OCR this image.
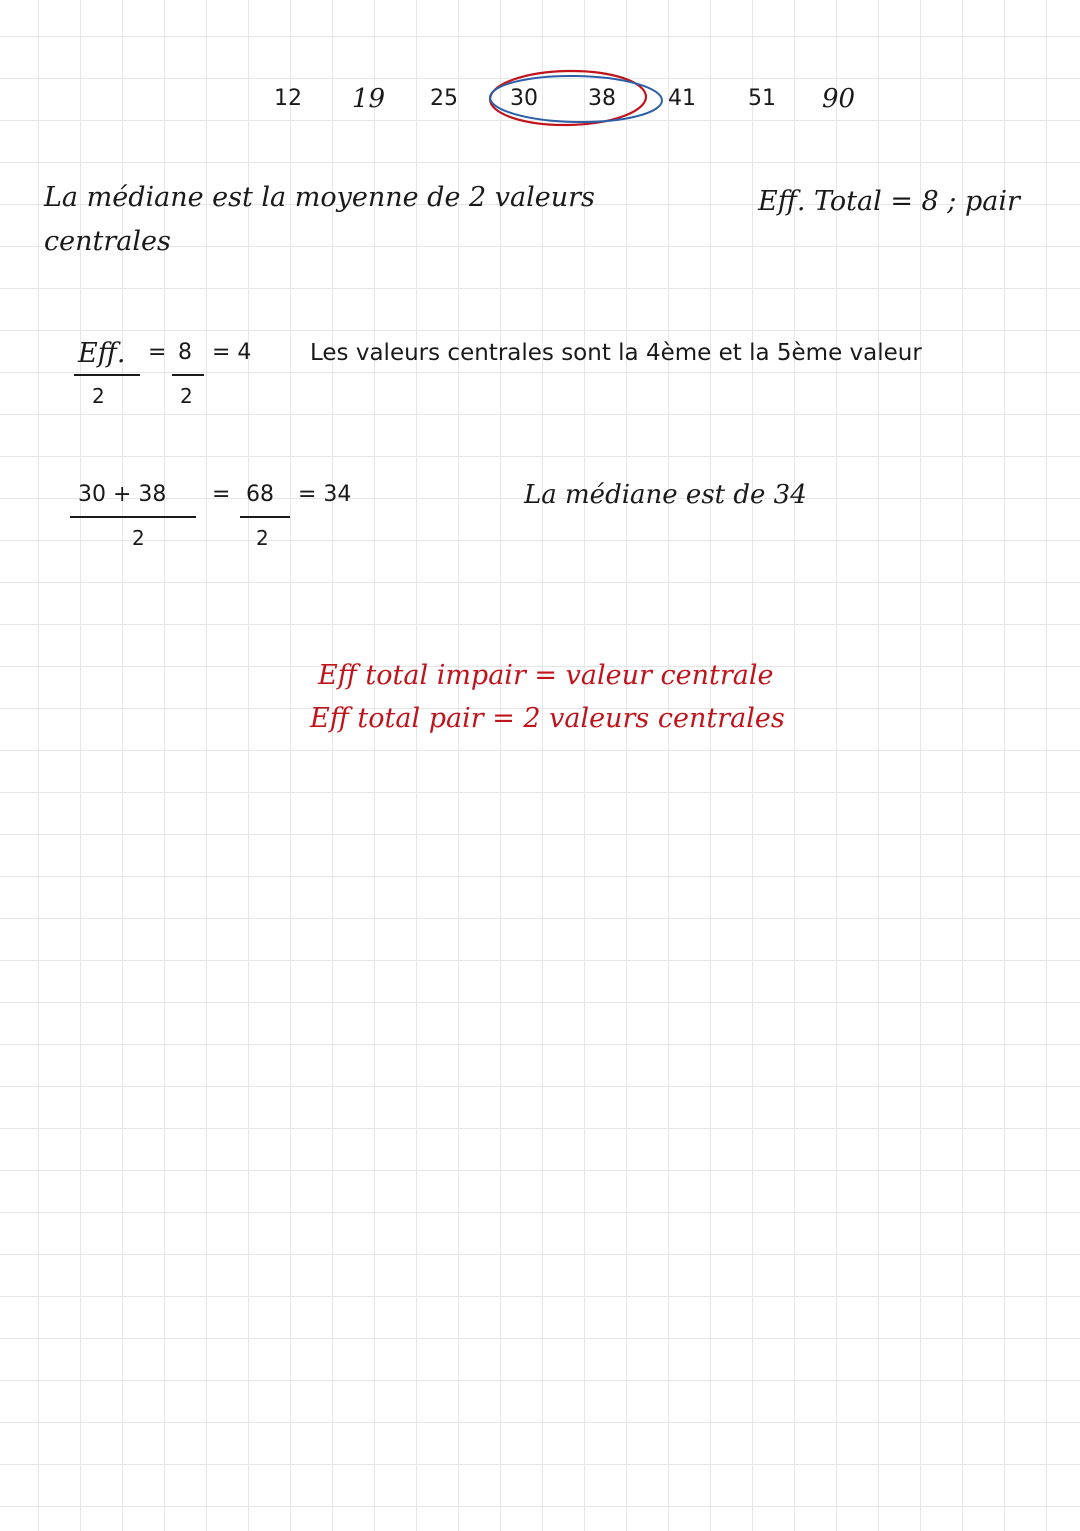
12 19 25 30 38 41 51 90
La médiane est la moyenne de 2 valeurs
centrales
Eff. Total = 8 ; pair
Eff.
2
= 8
2
= 4	Les valeurs centrales sont la 4ème et la 5ème valeur
30 + 38
2
= 68
2
= 34	La médiane est de 34
Eff total impair = valeur centrale
Eff total pair = 2 valeurs centrales
